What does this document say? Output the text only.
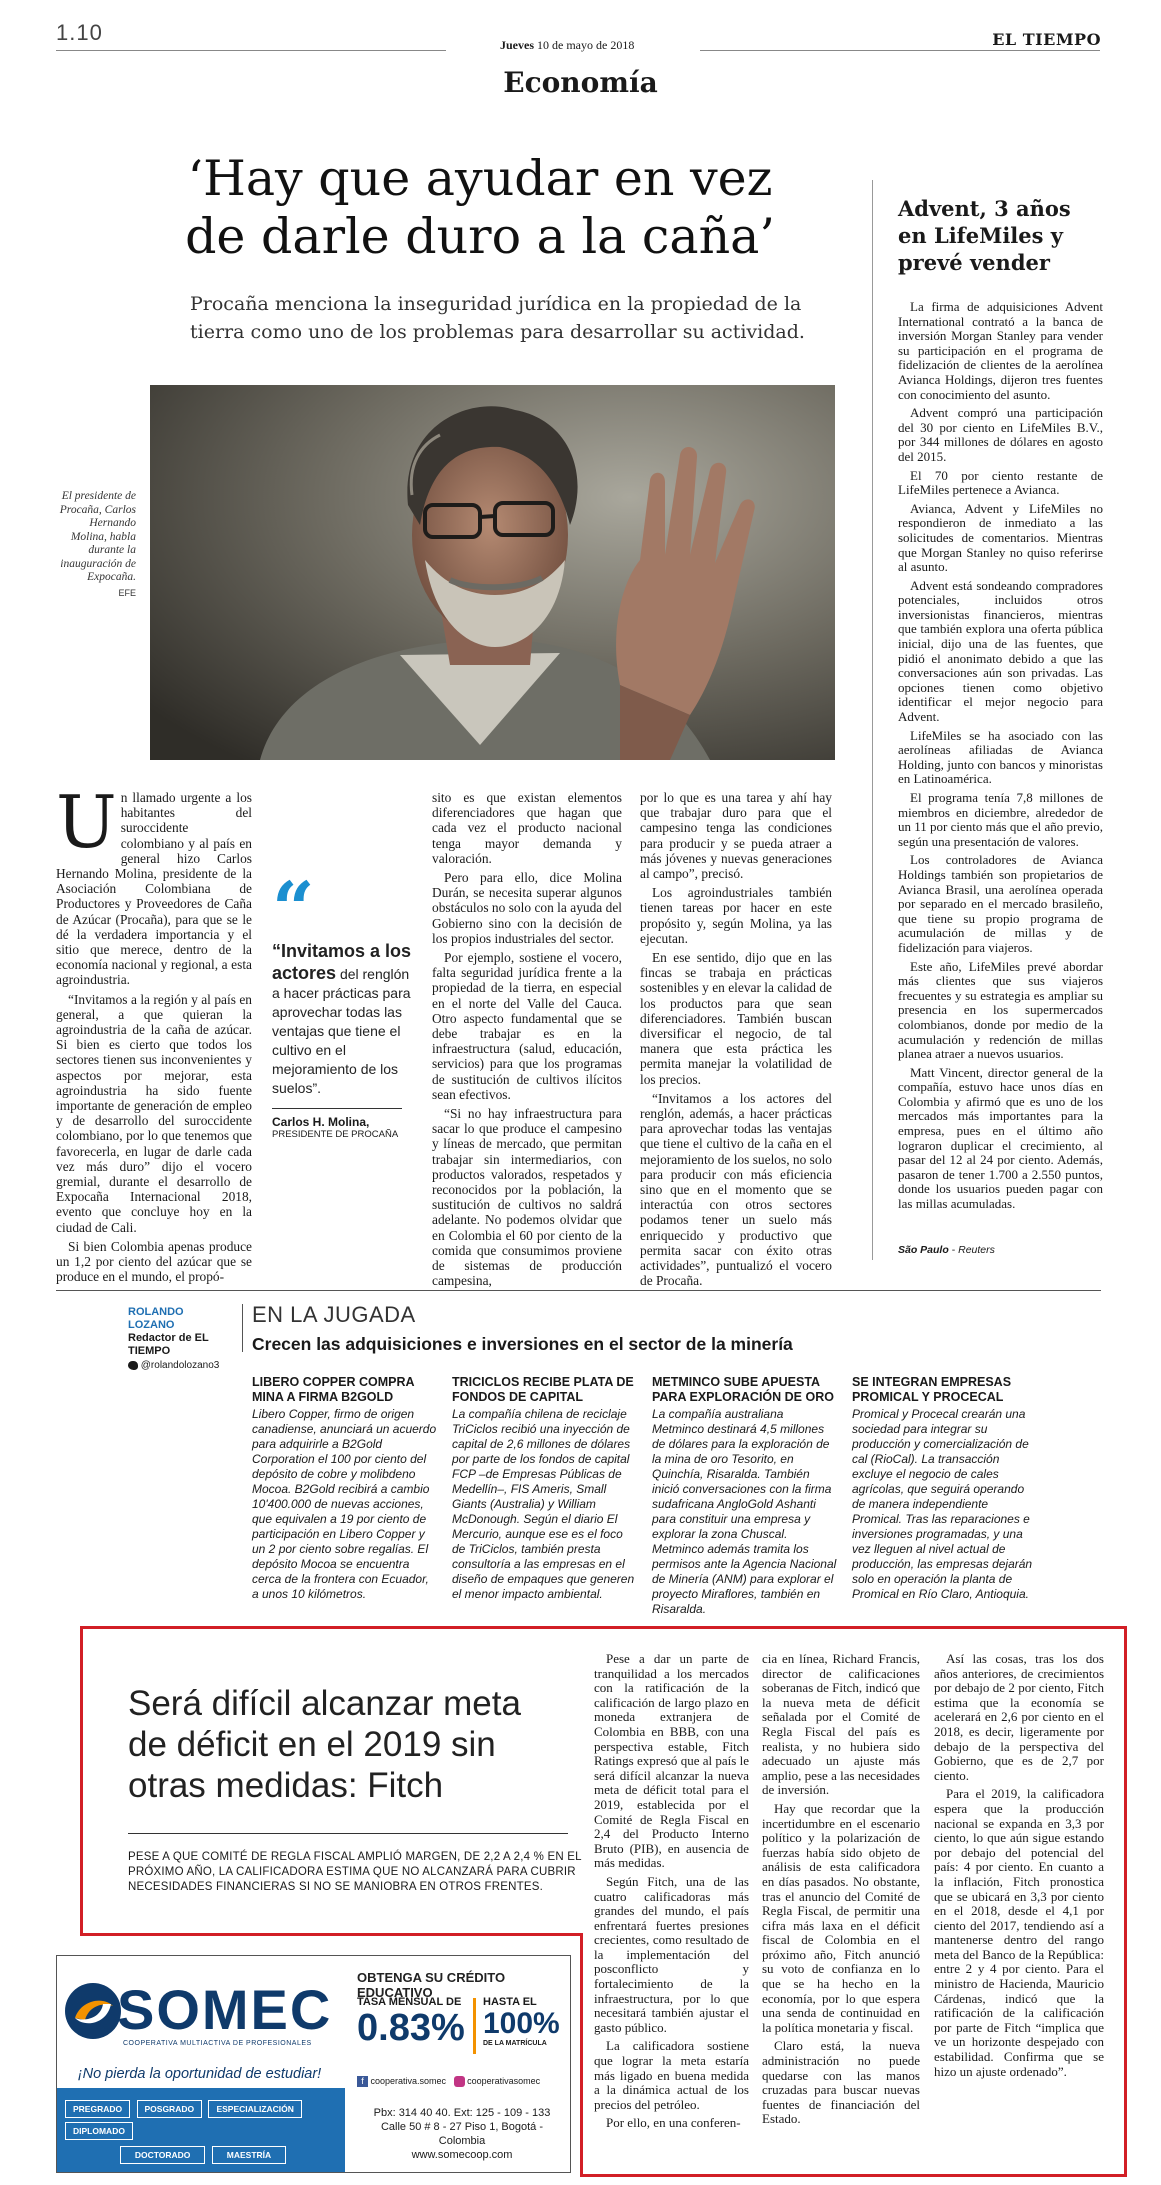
1.10	Jueves 10 de mayo de 2018	EL TIEMPO
Economía
‘Hay que ayudar en vez
de darle duro a la caña’
Procaña menciona la inseguridad jurídica en la propiedad de la tierra como uno de los problemas para desarrollar su actividad.
El presidente de Procaña, Carlos Hernando Molina, habla durante la inauguración de Expocaña.
EFE

U n llamado urgente a los habitantes del suroccidente colombiano y al país en general hizo Carlos Hernando Molina, presidente de la Asociación Colombiana de Productores y Proveedores de Caña de Azúcar (Procaña), para que se le dé la verdadera importancia y el sitio que merece, dentro de la economía nacional y regional, a esta agroindustria.

“Invitamos a la región y al país en general, a que quieran la agroindustria de la caña de azúcar. Si bien es cierto que todos los sectores tienen sus inconvenientes y aspectos por mejorar, esta agroindustria ha sido fuente importante de generación de empleo y de desarrollo del suroccidente colombiano, por lo que tenemos que favorecerla, en lugar de darle cada vez más duro” dijo el vocero gremial, durante el desarrollo de Expocaña Internacional 2018, evento que concluye hoy en la ciudad de Cali.

Si bien Colombia apenas produce un 1,2 por ciento del azúcar que se produce en el mundo, el propó-

“
“Invitamos a los actores del renglón a hacer prácticas para aprovechar todas las ventajas que tiene el cultivo en el mejoramiento de los suelos”.
Carlos H. Molina,
PRESIDENTE DE PROCAÑA

sito es que existan elementos diferenciadores que hagan que cada vez el producto nacional tenga mayor demanda y valoración.

Pero para ello, dice Molina Durán, se necesita superar algunos obstáculos no solo con la ayuda del Gobierno sino con la decisión de los propios industriales del sector.

Por ejemplo, sostiene el vocero, falta seguridad jurídica frente a la propiedad de la tierra, en especial en el norte del Valle del Cauca. Otro aspecto fundamental que se debe trabajar es en la infraestructura (salud, educación, servicios) para que los programas de sustitución de cultivos ilícitos sean efectivos.

“Si no hay infraestructura para sacar lo que produce el campesino y líneas de mercado, que permitan trabajar sin intermediarios, con productos valorados, respetados y reconocidos por la población, la sustitución de cultivos no saldrá adelante. No podemos olvidar que en Colombia el 60 por ciento de la comida que consumimos proviene de sistemas de producción campesina,

por lo que es una tarea y ahí hay que trabajar duro para que el campesino tenga las condiciones para producir y se pueda atraer a más jóvenes y nuevas generaciones al campo”, precisó.

Los agroindustriales también tienen tareas por hacer en este propósito y, según Molina, ya las ejecutan.

En ese sentido, dijo que en las fincas se trabaja en prácticas sostenibles y en elevar la calidad de los productos para que sean diferenciadores. También buscan diversificar el negocio, de tal manera que esta práctica les permita manejar la volatilidad de los precios.

“Invitamos a los actores del renglón, además, a hacer prácticas para aprovechar todas las ventajas que tiene el cultivo de la caña en el mejoramiento de los suelos, no solo para producir con más eficiencia sino que en el momento que se interactúa con otros sectores podamos tener un suelo más enriquecido y productivo que permita sacar con éxito otras actividades”, puntualizó el vocero de Procaña.

Advent, 3 años en LifeMiles y prevé vender

La firma de adquisiciones Advent International contrató a la banca de inversión Morgan Stanley para vender su participación en el programa de fidelización de clientes de la aerolínea Avianca Holdings, dijeron tres fuentes con conocimiento del asunto.

Advent compró una participación del 30 por ciento en LifeMiles B.V., por 344 millones de dólares en agosto del 2015.

El 70 por ciento restante de LifeMiles pertenece a Avianca.

Avianca, Advent y LifeMiles no respondieron de inmediato a las solicitudes de comentarios. Mientras que Morgan Stanley no quiso referirse al asunto.

Advent está sondeando compradores potenciales, incluidos otros inversionistas financieros, mientras que también explora una oferta pública inicial, dijo una de las fuentes, que pidió el anonimato debido a que las conversaciones aún son privadas. Las opciones tienen como objetivo identificar el mejor negocio para Advent.

LifeMiles se ha asociado con las aerolíneas afiliadas de Avianca Holding, junto con bancos y minoristas en Latinoamérica.

El programa tenía 7,8 millones de miembros en diciembre, alrededor de un 11 por ciento más que el año previo, según una presentación de valores.

Los controladores de Avianca Holdings también son propietarios de Avianca Brasil, una aerolínea operada por separado en el mercado brasileño, que tiene su propio programa de acumulación de millas y de fidelización para viajeros.

Este año, LifeMiles prevé abordar más clientes que sus viajeros frecuentes y su estrategia es ampliar su presencia en los supermercados colombianos, donde por medio de la acumulación y redención de millas planea atraer a nuevos usuarios.

Matt Vincent, director general de la compañía, estuvo hace unos días en Colombia y afirmó que es uno de los mercados más importantes para la empresa, pues en el último año lograron duplicar el crecimiento, al pasar del 12 al 24 por ciento. Además, pasaron de tener 1.700 a 2.550 puntos, donde los usuarios pueden pagar con las millas acumuladas.

São Paulo - Reuters
ROLANDO
LOZANO
Redactor de EL TIEMPO
@rolandolozano3
EN LA JUGADA
Crecen las adquisiciones e inversiones en el sector de la minería
LIBERO COPPER COMPRA MINA A FIRMA B2GOLD
Libero Copper, firmo de origen canadiense, anunciará un acuerdo para adquirirle a B2Gold Corporation el 100 por ciento del depósito de cobre y molibdeno Mocoa. B2Gold recibirá a cambio 10'400.000 de nuevas acciones, que equivalen a 19 por ciento de participación en Libero Copper y un 2 por ciento sobre regalías. El depósito Mocoa se encuentra cerca de la frontera con Ecuador, a unos 10 kilómetros.
TRICICLOS RECIBE PLATA DE FONDOS DE CAPITAL
La compañía chilena de reciclaje TriCiclos recibió una inyección de capital de 2,6 millones de dólares por parte de los fondos de capital FCP –de Empresas Públicas de Medellín–, FIS Ameris, Small Giants (Australia) y William McDonough. Según el diario El Mercurio, aunque ese es el foco de TriCiclos, también presta consultoría a las empresas en el diseño de empaques que generen el menor impacto ambiental.
METMINCO SUBE APUESTA PARA EXPLORACIÓN DE ORO
La compañía australiana Metminco destinará 4,5 millones de dólares para la exploración de la mina de oro Tesorito, en Quinchía, Risaralda. También inició conversaciones con la firma sudafricana AngloGold Ashanti para constituir una empresa y explorar la zona Chuscal. Metminco además tramita los permisos ante la Agencia Nacional de Minería (ANM) para explorar el proyecto Miraflores, también en Risaralda.
SE INTEGRAN EMPRESAS PROMICAL Y PROCECAL
Promical y Procecal crearán una sociedad para integrar su producción y comercialización de cal (RioCal). La transacción excluye el negocio de cales agrícolas, que seguirá operando de manera independiente Promical. Tras las reparaciones e inversiones programadas, y una vez lleguen al nivel actual de producción, las empresas dejarán solo en operación la planta de Promical en Río Claro, Antioquia.
Será difícil alcanzar meta
de déficit en el 2019 sin
otras medidas: Fitch
PESE A QUE COMITÉ DE REGLA FISCAL AMPLIÓ MARGEN, DE 2,2 A 2,4 % EN EL PRÓXIMO AÑO, LA CALIFICADORA ESTIMA QUE NO ALCANZARÁ PARA CUBRIR NECESIDADES FINANCIERAS SI NO SE MANIOBRA EN OTROS FRENTES.

Pese a dar un parte de tranquilidad a los mercados con la ratificación de la calificación de largo plazo en moneda extranjera de Colombia en BBB, con una perspectiva estable, Fitch Ratings expresó que al país le será difícil alcanzar la nueva meta de déficit total para el 2019, establecida por el Comité de Regla Fiscal en 2,4 del Producto Interno Bruto (PIB), en ausencia de más medidas.

Según Fitch, una de las cuatro calificadoras más grandes del mundo, el país enfrentará fuertes presiones crecientes, como resultado de la implementación del posconflicto y fortalecimiento de la infraestructura, por lo que necesitará también ajustar el gasto público.

La calificadora sostiene que lograr la meta estaría más ligado en buena medida a la dinámica actual de los precios del petróleo.

Por ello, en una conferen-

cia en línea, Richard Francis, director de calificaciones soberanas de Fitch, indicó que la nueva meta de déficit señalada por el Comité de Regla Fiscal del país es realista, y no hubiera sido adecuado un ajuste más amplio, pese a las necesidades de inversión.

Hay que recordar que la incertidumbre en el escenario político y la polarización de fuerzas había sido objeto de análisis de esta calificadora en días pasados. No obstante, tras el anuncio del Comité de Regla Fiscal, de permitir una cifra más laxa en el déficit fiscal de Colombia en el próximo año, Fitch anunció su voto de confianza en lo que se ha hecho en la economía, por lo que espera una senda de continuidad en la política monetaria y fiscal.

Claro está, la nueva administración no puede quedarse con las manos cruzadas para buscar nuevas fuentes de financiación del Estado.

Así las cosas, tras los dos años anteriores, de crecimientos por debajo de 2 por ciento, Fitch estima que la economía se acelerará en 2,6 por ciento en el 2018, es decir, ligeramente por debajo de la perspectiva del Gobierno, que es de 2,7 por ciento.

Para el 2019, la calificadora espera que la producción nacional se expanda en 3,3 por ciento, lo que aún sigue estando por debajo del potencial del país: 4 por ciento. En cuanto a la inflación, Fitch pronostica que se ubicará en 3,3 por ciento en el 2018, desde el 4,1 por ciento del 2017, tendiendo así a mantenerse dentro del rango meta del Banco de la República: entre 2 y 4 por ciento. Para el ministro de Hacienda, Mauricio Cárdenas, indicó que la ratificación de la calificación por parte de Fitch “implica que ve un horizonte despejado con estabilidad. Confirma que se hizo un ajuste ordenado”.

SOMEC
COOPERATIVA MULTIACTIVA DE PROFESIONALES
¡No pierda la oportunidad de estudiar!
PREGRADO	POSGRADO	ESPECIALIZACIÓN DIPLOMADO
DOCTORADO	MAESTRÍA
OBTENGA SU CRÉDITO EDUCATIVO
TASA MENSUAL DE
0.83%
HASTA EL
100%
DE LA MATRÍCULA
f cooperativa.somec cooperativasomec
Pbx: 314 40 40. Ext: 125 - 109 - 133
Calle 50 # 8 - 27 Piso 1, Bogotá - Colombia
www.somecoop.com
